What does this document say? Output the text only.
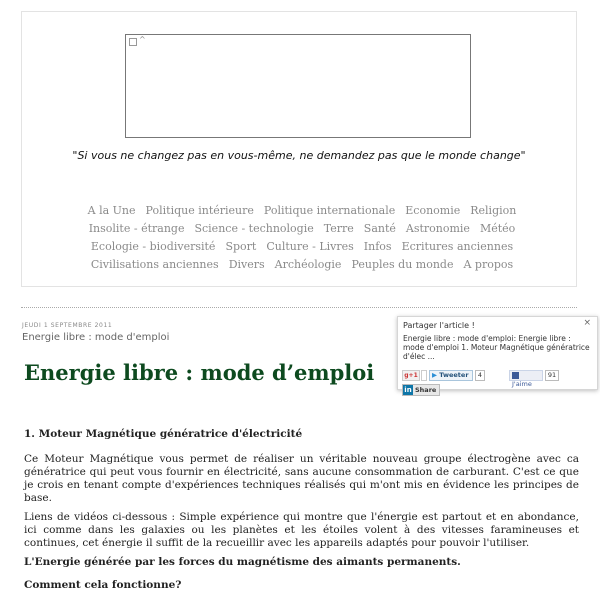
^
"Si vous ne changez pas en vous-même, ne demandez pas que le monde change"
A la Une Politique intérieure Politique internationale Economie Religion
Insolite - étrange Science - technologie Terre Santé Astronomie Météo
Ecologie - biodiversité Sport Culture - Livres Infos Ecritures anciennes
Civilisations anciennes Divers Archéologie Peuples du monde A propos
JEUDI 1 SEPTEMBRE 2011
Energie libre : mode d'emploi
Energie libre : mode d’emploi
Partager l'article !	×
Energie libre : mode d'emploi: Energie libre : mode d'emploi 1. Moteur Magnétique génératrice d'élec ...
g+1	▶ Tweeter	4
J'aime
91
in Share
1. Moteur Magnétique génératrice d'électricité

Ce Moteur Magnétique vous permet de réaliser un véritable nouveau groupe électrogène avec ca génératrice qui peut vous fournir en électricité, sans aucune consommation de carburant. C'est ce que je crois en tenant compte d'expériences techniques réalisés qui m'ont mis en évidence les principes de base.

Liens de vidéos ci-dessous : Simple expérience qui montre que l'énergie est partout et en abondance, ici comme dans les galaxies ou les planètes et les étoiles volent à des vitesses faramineuses et continues, cet énergie il suffit de la recueillir avec les appareils adaptés pour pouvoir l'utiliser.

L'Energie générée par les forces du magnétisme des aimants permanents.

Comment cela fonctionne?
